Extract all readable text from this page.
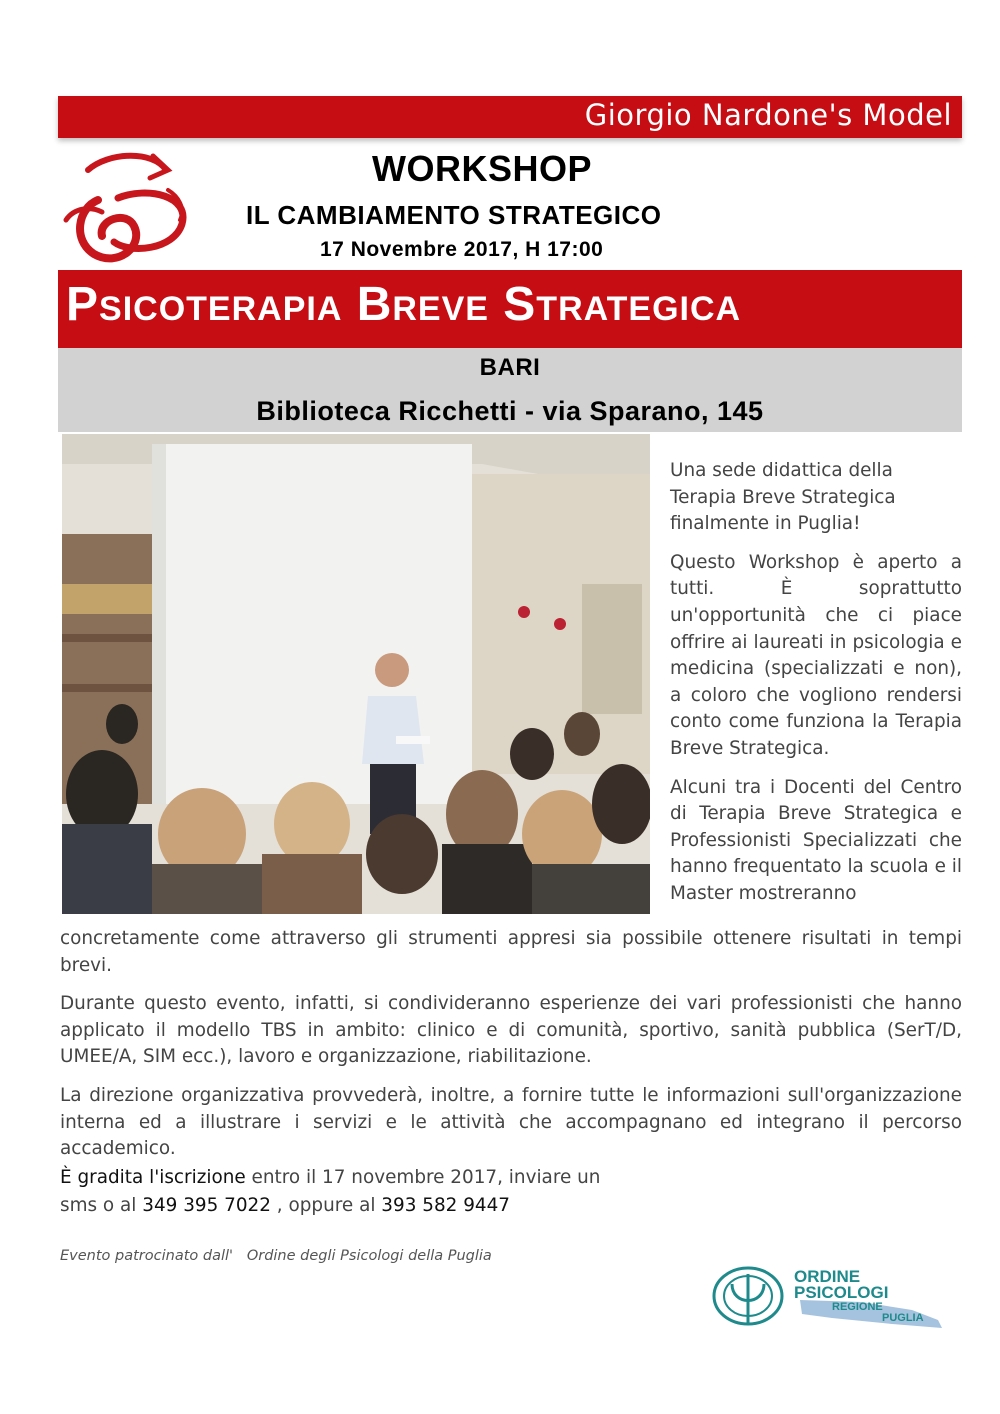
Giorgio Nardone's Model
WORKSHOP
IL CAMBIAMENTO STRATEGICO
17 Novembre 2017, H 17:00
Psicoterapia Breve Strategica
BARI
Biblioteca Ricchetti - via Sparano, 145

Una sede didattica della Terapia Breve Strategica finalmente in Puglia!

Questo Workshop è aperto a tutti. È soprattutto un'opportunità che ci piace offrire ai laureati in psicologia e medicina (specializzati e non), a coloro che vogliono rendersi conto come funziona la Terapia Breve Strategica.

Alcuni tra i Docenti del Centro di Terapia Breve Strategica e Professionisti Specializzati che hanno frequentato la scuola e il Master mostreranno

concretamente come attraverso gli strumenti appresi sia possibile ottenere risultati in tempi brevi.

Durante questo evento, infatti, si condivideranno esperienze dei vari professionisti che hanno applicato il modello TBS in ambito: clinico e di comunità, sportivo, sanità pubblica (SerT/D, UMEE/A, SIM ecc.), lavoro e organizzazione, riabilitazione.

La direzione organizzativa provvederà, inoltre, a fornire tutte le informazioni sull'organizzazione interna ed a illustrare i servizi e le attività che accompagnano ed integrano il percorso accademico.

È gradita l'iscrizione entro il 17 novembre 2017, inviare un sms o al 349 395 7022 , oppure al 393 582 9447
Evento patrocinato dall'   Ordine degli Psicologi della Puglia
ORDINE
PSICOLOGI
REGIONE
PUGLIA
